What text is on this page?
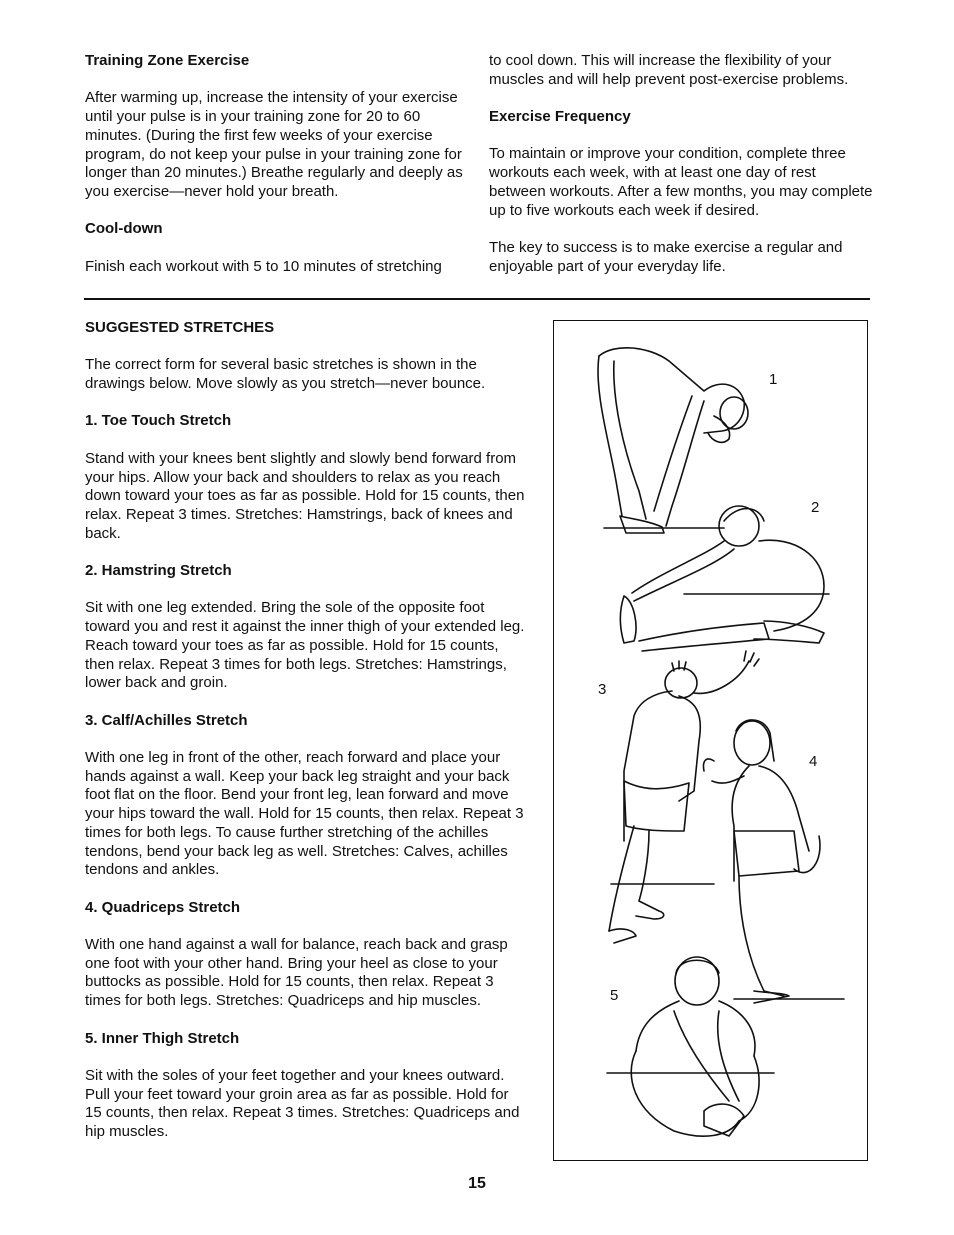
Training Zone Exercise

After warming up, increase the intensity of your exercise until your pulse is in your training zone for 20 to 60 minutes. (During the first few weeks of your exercise program, do not keep your pulse in your training zone for longer than 20 minutes.) Breathe regularly and deeply as you exercise—never hold your breath.

Cool-down

Finish each workout with 5 to 10 minutes of stretching

to cool down. This will increase the flexibility of your muscles and will help prevent post-exercise problems.

Exercise Frequency

To maintain or improve your condition, complete three workouts each week, with at least one day of rest between workouts. After a few months, you may complete up to five workouts each week if desired.

The key to success is to make exercise a regular and enjoyable part of your everyday life.

SUGGESTED STRETCHES

The correct form for several basic stretches is shown in the drawings below. Move slowly as you stretch—never bounce.

1. Toe Touch Stretch

Stand with your knees bent slightly and slowly bend forward from your hips. Allow your back and shoulders to relax as you reach down toward your toes as far as possible. Hold for 15 counts, then relax. Repeat 3 times. Stretches: Hamstrings, back of knees and back.

2. Hamstring Stretch

Sit with one leg extended. Bring the sole of the opposite foot toward you and rest it against the inner thigh of your extended leg. Reach toward your toes as far as possible. Hold for 15 counts, then relax. Repeat 3 times for both legs. Stretches: Hamstrings, lower back and groin.

3. Calf/Achilles Stretch

With one leg in front of the other, reach forward and place your hands against a wall. Keep your back leg straight and your back foot flat on the floor. Bend your front leg, lean forward and move your hips toward the wall. Hold for 15 counts, then relax. Repeat 3 times for both legs. To cause further stretching of the achilles tendons, bend your back leg as well. Stretches: Calves, achilles tendons and ankles.

4. Quadriceps Stretch

With one hand against a wall for balance, reach back and grasp one foot with your other hand. Bring your heel as close to your buttocks as possible. Hold for 15 counts, then relax. Repeat 3 times for both legs. Stretches: Quadriceps and hip muscles.

5. Inner Thigh Stretch

Sit with the soles of your feet together and your knees outward. Pull your feet toward your groin area as far as possible. Hold for 15 counts, then relax. Repeat 3 times. Stretches: Quadriceps and hip muscles.

1
2
3
4
5
15
